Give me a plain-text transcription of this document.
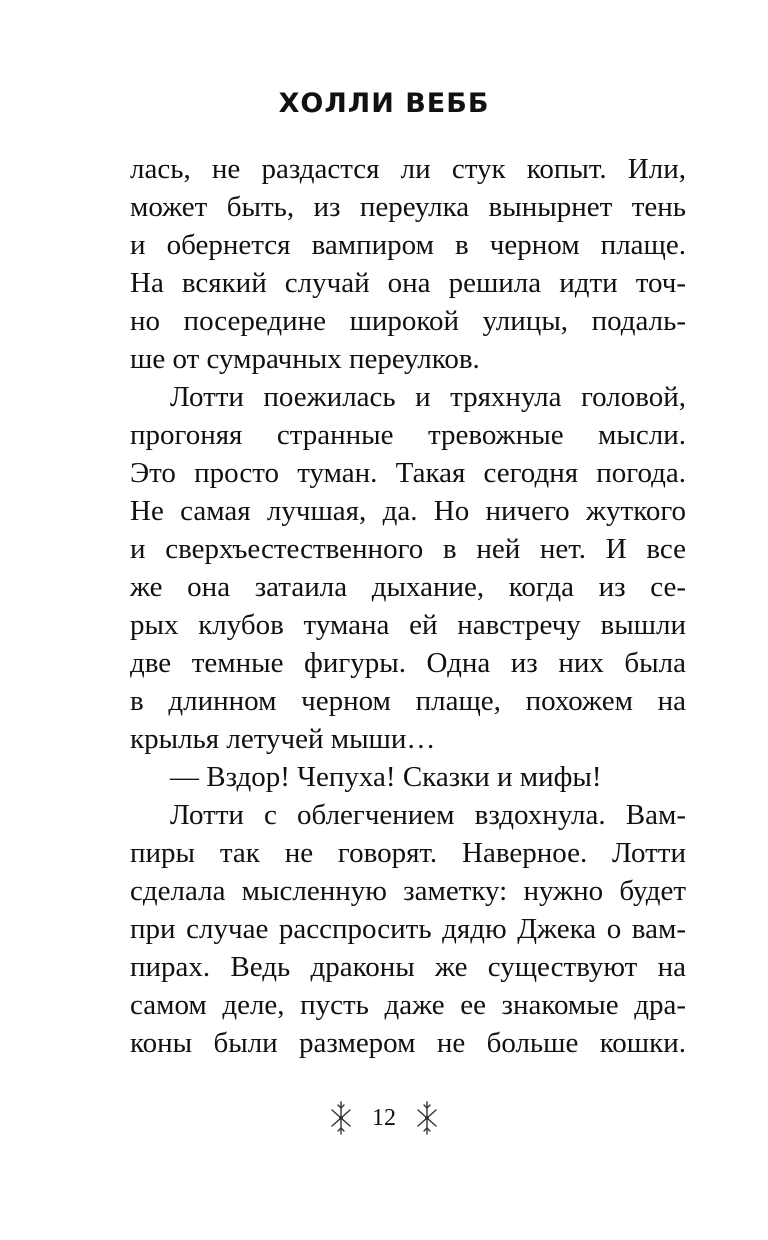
ХОЛЛИ ВЕББ
лась, не раздастся ли стук копыт. Или,
может быть, из переулка вынырнет тень
и обернется вампиром в черном плаще.
На всякий случай она решила идти точ-
но посередине широкой улицы, подаль-
ше от сумрачных переулков.
Лотти поежилась и тряхнула головой,
прогоняя странные тревожные мысли.
Это просто туман. Такая сегодня погода.
Не самая лучшая, да. Но ничего жуткого
и сверхъестественного в ней нет. И все
же она затаила дыхание, когда из се-
рых клубов тумана ей навстречу вышли
две темные фигуры. Одна из них была
в длинном черном плаще, похожем на
крылья летучей мыши…
— Вздор! Чепуха! Сказки и мифы!
Лотти с облегчением вздохнула. Вам-
пиры так не говорят. Наверное. Лотти
сделала мысленную заметку: нужно будет
при случае расспросить дядю Джека о вам-
пирах. Ведь драконы же существуют на
самом деле, пусть даже ее знакомые дра-
коны были размером не больше кошки.
12
